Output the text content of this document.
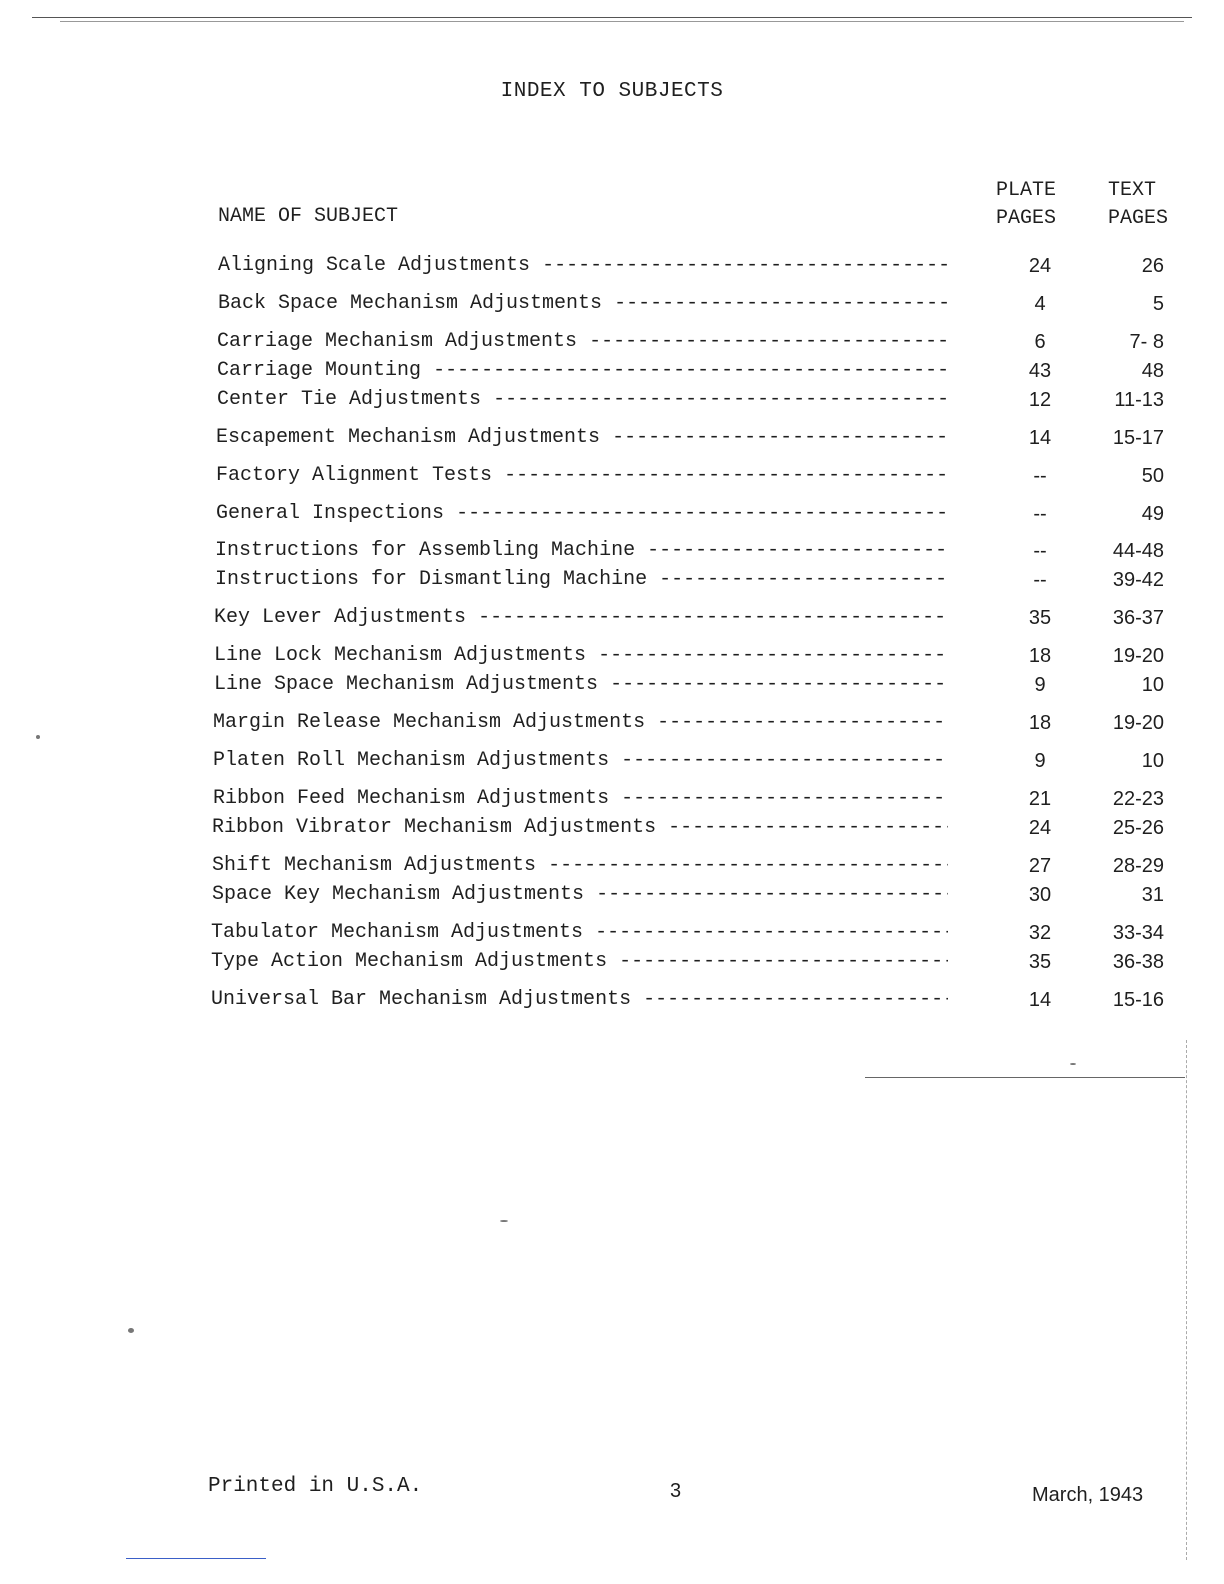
INDEX TO SUBJECTS
NAME OF SUBJECT
PLATE
PAGES
TEXT
PAGES
Aligning Scale Adjustments -----	24	26
Back Space Mechanism Adjustments -----	4	5
Carriage Mechanism Adjustments -----	6	7- 8
Carriage Mounting -----	43	48
Center Tie Adjustments -----	12	11-13
Escapement Mechanism Adjustments -----	14	15-17
Factory Alignment Tests -----	--	50
General Inspections -----	--	49
Instructions for Assembling Machine -----	--	44-48
Instructions for Dismantling Machine -----	--	39-42
Key Lever Adjustments -----	35	36-37
Line Lock Mechanism Adjustments -----	18	19-20
Line Space Mechanism Adjustments -----	9	10
Margin Release Mechanism Adjustments -----	18	19-20
Platen Roll Mechanism Adjustments -----	9	10
Ribbon Feed Mechanism Adjustments -----	21	22-23
Ribbon Vibrator Mechanism Adjustments -----	24	25-26
Shift Mechanism Adjustments -----	27	28-29
Space Key Mechanism Adjustments -----	30	31
Tabulator Mechanism Adjustments -----	32	33-34
Type Action Mechanism Adjustments -----	35	36-38
Universal Bar Mechanism Adjustments -----	14	15-16
Printed in U.S.A.	3	March, 1943
